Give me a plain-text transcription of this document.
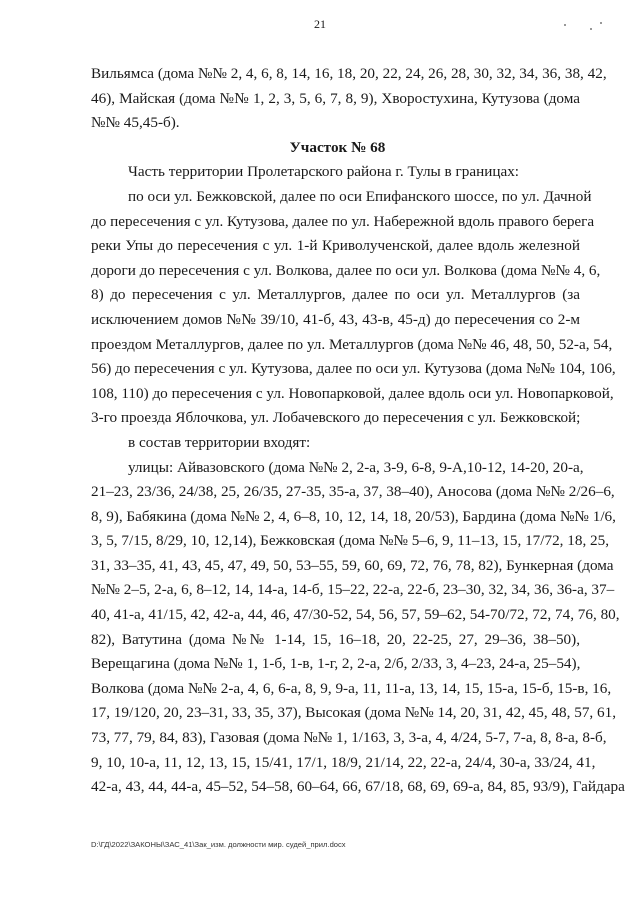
21
Вильямса (дома №№ 2, 4, 6, 8, 14, 16, 18, 20, 22, 24, 26, 28, 30, 32, 34, 36, 38, 42,
46), Майская (дома №№ 1, 2, 3, 5, 6, 7, 8, 9), Хворостухина, Кутузова (дома
№№ 45,45-б).
Участок № 68
Часть территории Пролетарского района г. Тулы в границах:
по оси ул. Бежковской, далее по оси Епифанского шоссе, по ул. Дачной
до пересечения с ул. Кутузова, далее по ул. Набережной вдоль правого берега
реки Упы до пересечения с ул. 1-й Криволученской, далее вдоль железной
дороги до пересечения с ул. Волкова, далее по оси ул. Волкова (дома №№ 4, 6,
8) до пересечения с ул. Металлургов, далее по оси ул. Металлургов (за
исключением домов №№ 39/10, 41-б, 43, 43-в, 45-д) до пересечения со 2-м
проездом Металлургов, далее по ул. Металлургов (дома №№ 46, 48, 50, 52-а, 54,
56) до пересечения с ул. Кутузова, далее по оси ул. Кутузова (дома №№ 104, 106,
108, 110) до пересечения с ул. Новопарковой, далее вдоль оси ул. Новопарковой,
3-го проезда Яблочкова, ул. Лобачевского до пересечения с ул. Бежковской;
в состав территории входят:
улицы: Айвазовского (дома №№ 2, 2-а, 3-9, 6-8, 9-А,10-12, 14-20, 20-а,
21–23, 23/36, 24/38, 25, 26/35, 27-35, 35-а, 37, 38–40), Аносова (дома №№ 2/26–6,
8, 9), Бабякина (дома №№ 2, 4, 6–8, 10, 12, 14, 18, 20/53), Бардина (дома №№ 1/6,
3, 5, 7/15, 8/29, 10, 12,14), Бежковская (дома №№ 5–6, 9, 11–13, 15, 17/72, 18, 25,
31, 33–35, 41, 43, 45, 47, 49, 50, 53–55, 59, 60, 69, 72, 76, 78, 82), Бункерная (дома
№№ 2–5, 2-а, 6, 8–12, 14, 14-а, 14-б, 15–22, 22-а, 22-б, 23–30, 32, 34, 36, 36-а, 37–
40, 41-а, 41/15, 42, 42-а, 44, 46, 47/30-52, 54, 56, 57, 59–62, 54-70/72, 72, 74, 76, 80,
82), Ватутина (дома №№ 1-14, 15, 16–18, 20, 22-25, 27, 29–36, 38–50),
Верещагина (дома №№ 1, 1-б, 1-в, 1-г, 2, 2-а, 2/б, 2/33, 3, 4–23, 24-а, 25–54),
Волкова (дома №№ 2-а, 4, 6, 6-а, 8, 9, 9-а, 11, 11-а, 13, 14, 15, 15-а, 15-б, 15-в, 16,
17, 19/120, 20, 23–31, 33, 35, 37), Высокая (дома №№ 14, 20, 31, 42, 45, 48, 57, 61,
73, 77, 79, 84, 83), Газовая (дома №№ 1, 1/163, 3, 3-а, 4, 4/24, 5-7, 7-а, 8, 8-а, 8-б,
9, 10, 10-а, 11, 12, 13, 15, 15/41, 17/1, 18/9, 21/14, 22, 22-а, 24/4, 30-а, 33/24, 41,
42-а, 43, 44, 44-а, 45–52, 54–58, 60–64, 66, 67/18, 68, 69, 69-а, 84, 85, 93/9), Гайдара
D:\ГД\2022\ЗАКОНЫ\ЗАС_41\Зак_изм. должности мир. судей_прил.docx
